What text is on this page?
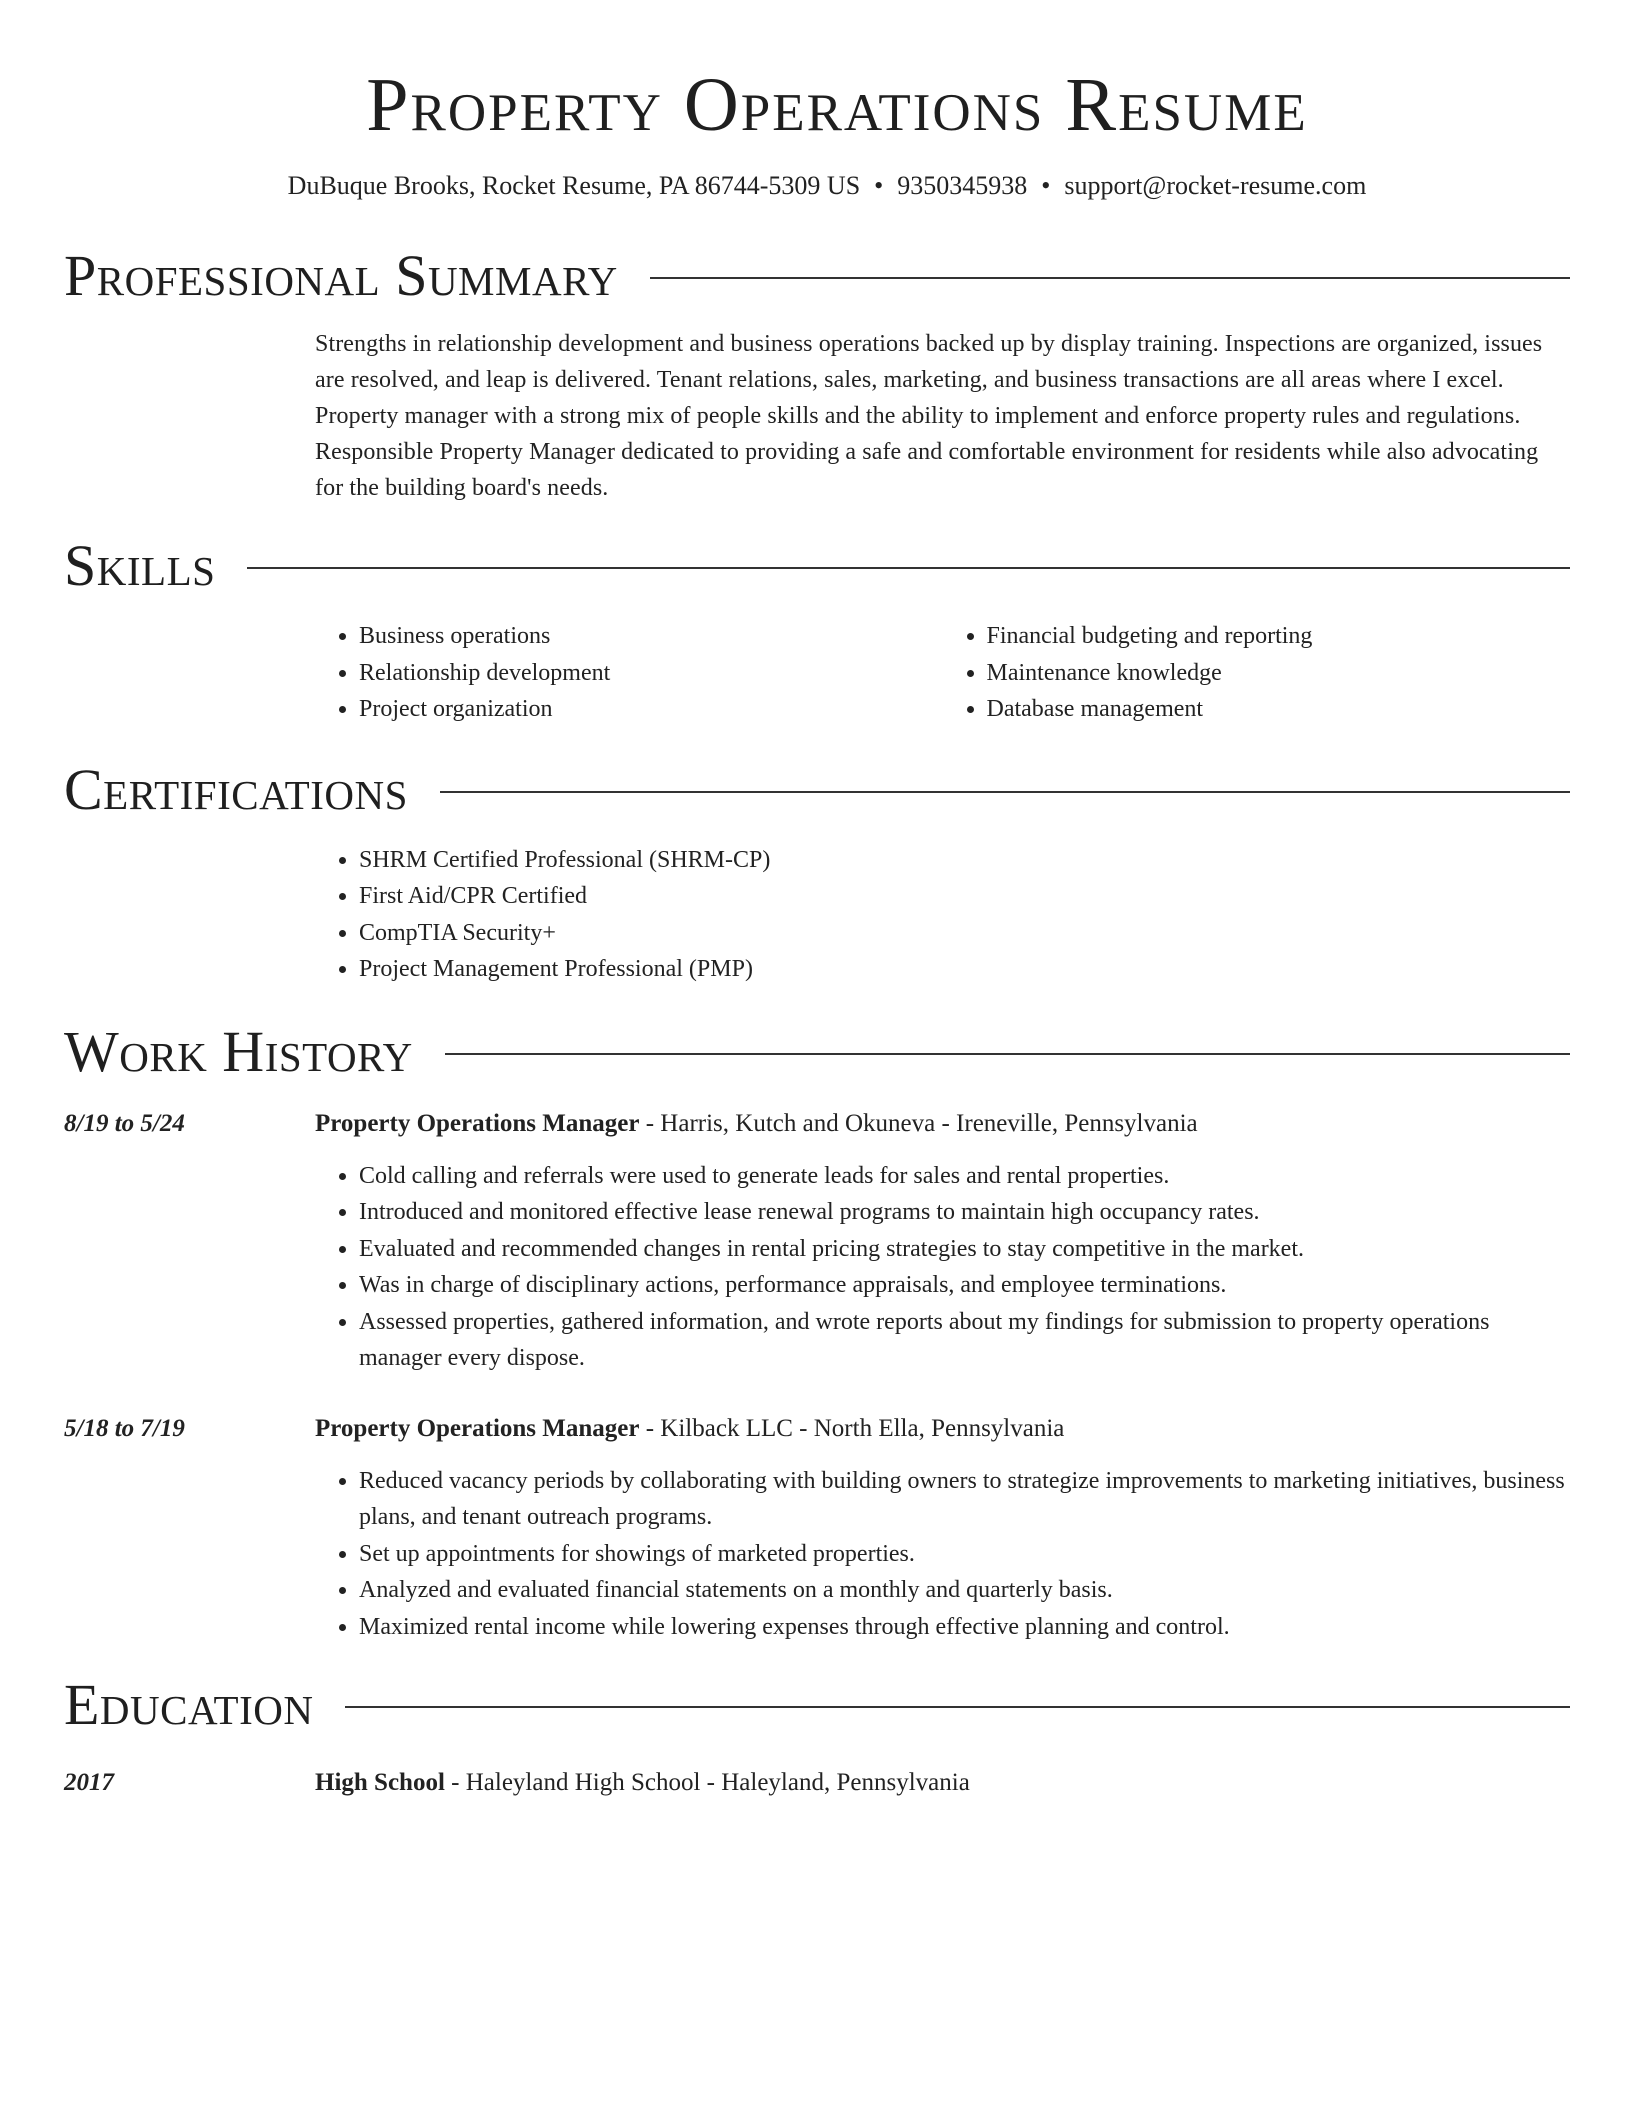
Property Operations Resume
DuBuque Brooks, Rocket Resume, PA 86744-5309 US • 9350345938 • support@rocket-resume.com
Professional Summary
Strengths in relationship development and business operations backed up by display training. Inspections are organized, issues are resolved, and leap is delivered. Tenant relations, sales, marketing, and business transactions are all areas where I excel. Property manager with a strong mix of people skills and the ability to implement and enforce property rules and regulations. Responsible Property Manager dedicated to providing a safe and comfortable environment for residents while also advocating for the building board's needs.
Skills
• Business operations
• Relationship development
• Project organization
• Financial budgeting and reporting
• Maintenance knowledge
• Database management
Certifications
• SHRM Certified Professional (SHRM-CP)
• First Aid/CPR Certified
• CompTIA Security+
• Project Management Professional (PMP)
Work History
8/19 to 5/24	Property Operations Manager - Harris, Kutch and Okuneva - Ireneville, Pennsylvania
• Cold calling and referrals were used to generate leads for sales and rental properties.
• Introduced and monitored effective lease renewal programs to maintain high occupancy rates.
• Evaluated and recommended changes in rental pricing strategies to stay competitive in the market.
• Was in charge of disciplinary actions, performance appraisals, and employee terminations.
• Assessed properties, gathered information, and wrote reports about my findings for submission to property operations manager every dispose.
5/18 to 7/19	Property Operations Manager - Kilback LLC - North Ella, Pennsylvania
• Reduced vacancy periods by collaborating with building owners to strategize improvements to marketing initiatives, business plans, and tenant outreach programs.
• Set up appointments for showings of marketed properties.
• Analyzed and evaluated financial statements on a monthly and quarterly basis.
• Maximized rental income while lowering expenses through effective planning and control.
Education
2017	High School - Haleyland High School - Haleyland, Pennsylvania
